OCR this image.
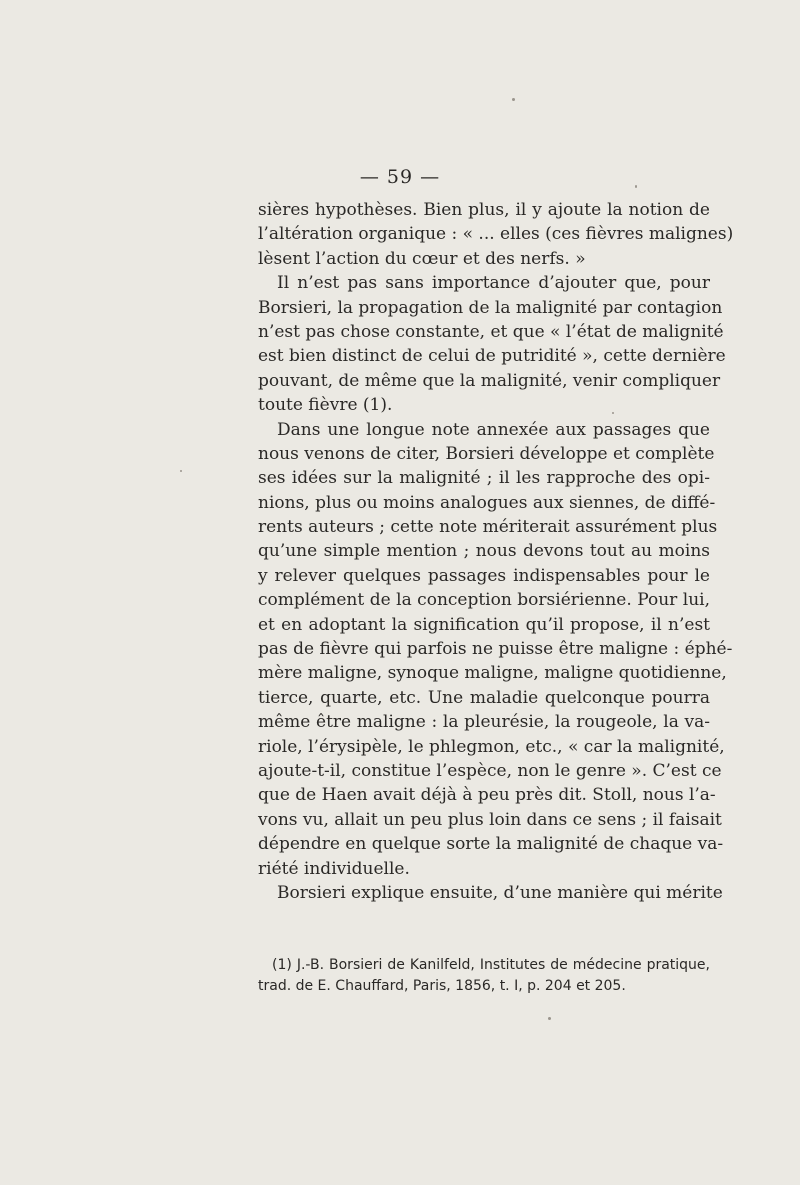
— 59 —
sières hypothèses. Bien plus, il y ajoute la notion de
l’altération organique : « ... elles (ces fièvres malignes)
lèsent l’action du cœur et des nerfs. »
Il n’est pas sans importance d’ajouter que, pour
Borsieri, la propagation de la malignité par contagion
n’est pas chose constante, et que « l’état de malignité
est bien distinct de celui de putridité », cette dernière
pouvant, de même que la malignité, venir compliquer
toute fièvre (1).
Dans une longue note annexée aux passages que
nous venons de citer, Borsieri développe et complète
ses idées sur la malignité ; il les rapproche des opi-
nions, plus ou moins analogues aux siennes, de diffé-
rents auteurs ; cette note mériterait assurément plus
qu’une simple mention ; nous devons tout au moins
y relever quelques passages indispensables pour le
complément de la conception borsiérienne. Pour lui,
et en adoptant la signification qu’il propose, il n’est
pas de fièvre qui parfois ne puisse être maligne : éphé-
mère maligne, synoque maligne, maligne quotidienne,
tierce, quarte, etc. Une maladie quelconque pourra
même être maligne : la pleurésie, la rougeole, la va-
riole, l’érysipèle, le phlegmon, etc., « car la malignité,
ajoute-t-il, constitue l’espèce, non le genre ». C’est ce
que de Haen avait déjà à peu près dit. Stoll, nous l’a-
vons vu, allait un peu plus loin dans ce sens ; il faisait
dépendre en quelque sorte la malignité de chaque va-
riété individuelle.
Borsieri explique ensuite, d’une manière qui mérite
(1) J.-B. Borsieri de Kanilfeld, Institutes de médecine pratique,
trad. de E. Chauffard, Paris, 1856, t. I, p. 204 et 205.
